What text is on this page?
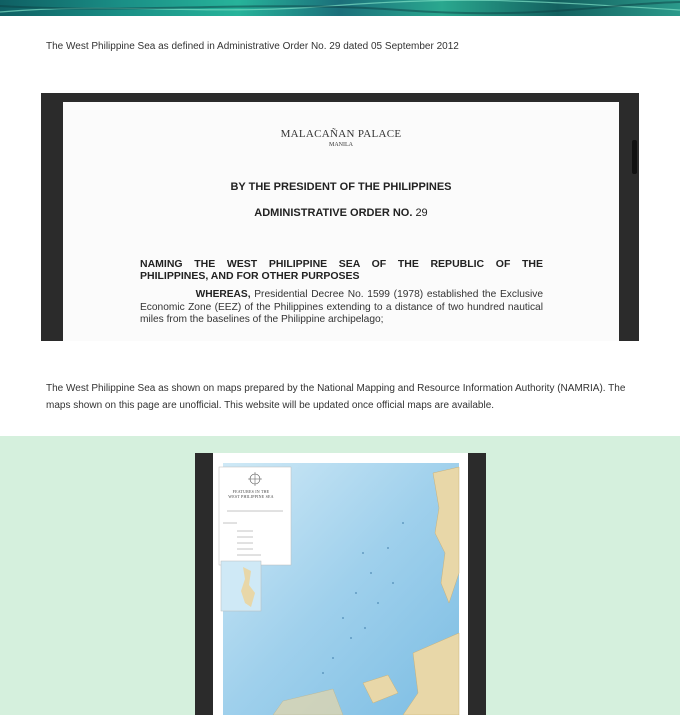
The West Philippine Sea as defined in Administrative Order No. 29 dated 05 September 2012

MALACAÑAN PALACE
MANILA
BY THE PRESIDENT OF THE PHILIPPINES
ADMINISTRATIVE ORDER NO. 29
NAMING THE WEST PHILIPPINE SEA OF THE REPUBLIC OF THE
PHILIPPINES, AND FOR OTHER PURPOSES
WHEREAS, Presidential Decree No. 1599 (1978) established the Exclusive Economic Zone (EEZ) of the Philippines extending to a distance of two hundred nautical miles from the baselines of the Philippine archipelago;

The West Philippine Sea as shown on maps prepared by the National Mapping and Resource Information Authority (NAMRIA). The maps shown on this page are unofficial. This website will be updated once official maps are available.

FEATURES IN THE
WEST PHILIPPINE SEA
